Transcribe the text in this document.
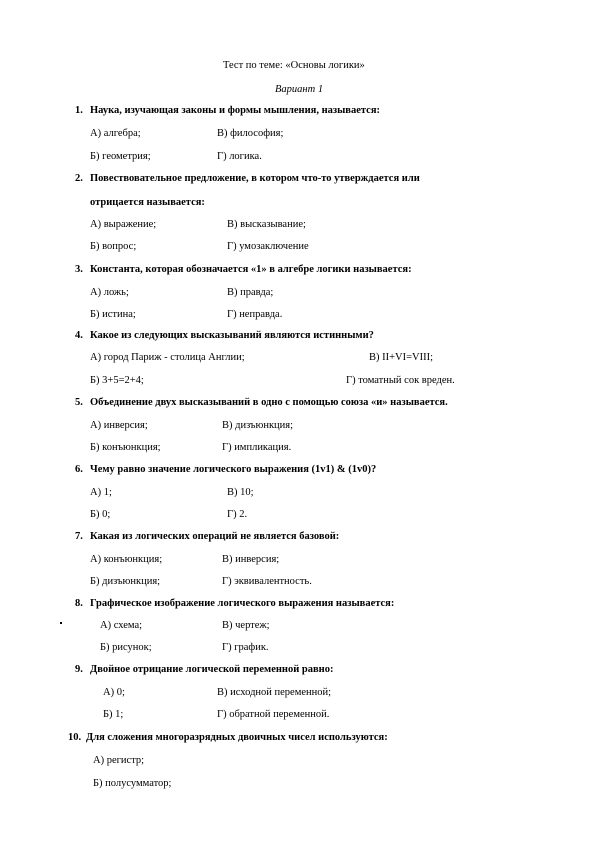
Тест по теме: «Основы логики»
Вариант 1
1. Наука, изучающая законы и формы мышления, называется:
А) алгебра;	В) философия;
Б) геометрия;	Г) логика.
2. Повествовательное предложение, в котором что-то утверждается или
отрицается называется:
А) выражение;	В) высказывание;
Б) вопрос;	Г) умозаключение
3. Константа, которая обозначается «1» в алгебре логики называется:
А) ложь;	В) правда;
Б) истина;	Г) неправда.
4. Какое из следующих высказываний являются истинными?
А) город Париж - столица Англии;	В) II+VI=VIII;
Б) 3+5=2+4;	Г) томатный сок вреден.
5. Объединение двух высказываний в одно с помощью союза «и» называется.
А) инверсия;	В) дизъюнкция;
Б) конъюнкция;	Г) импликация.
6. Чему равно значение логического выражения (1v1) & (1v0)?
А) 1;	В) 10;
Б) 0;	Г) 2.
7. Какая из логических операций не является базовой:
А) конъюнкция;	В) инверсия;
Б) дизъюнкция;	Г) эквивалентность.
8. Графическое изображение логического выражения называется:
А) схема;	В) чертеж;
Б) рисунок;	Г) график.
9. Двойное отрицание логической переменной равно:
А) 0;	В) исходной переменной;
Б) 1;	Г) обратной переменной.
10. Для сложения многоразрядных двоичных чисел используются:
А) регистр;
Б) полусумматор;
